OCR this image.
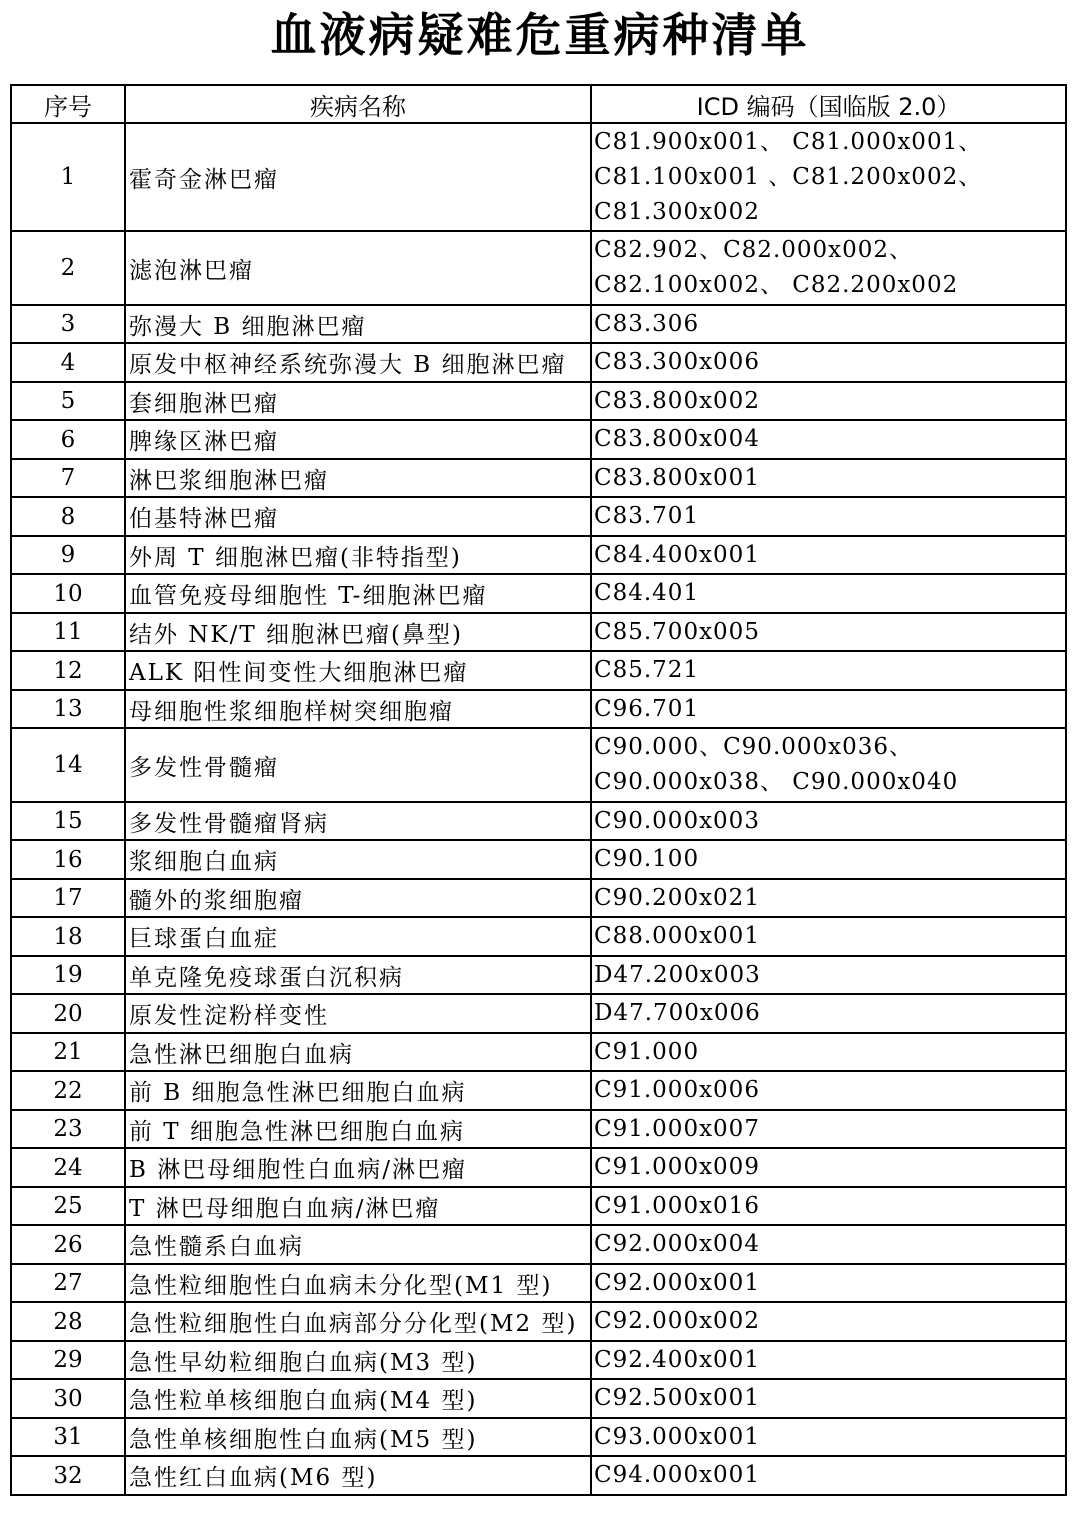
血液病疑难危重病种清单
序号	疾病名称	ICD 编码（国临版 2.0）
1	霍奇金淋巴瘤	C81.900x001、 C81.000x001、 C81.100x001 、C81.200x002、 C81.300x002
2	滤泡淋巴瘤	C82.902、C82.000x002、C82.100x002、 C82.200x002
3	弥漫大 B 细胞淋巴瘤	C83.306
4	原发中枢神经系统弥漫大 B 细胞淋巴瘤	C83.300x006
5	套细胞淋巴瘤	C83.800x002
6	脾缘区淋巴瘤	C83.800x004
7	淋巴浆细胞淋巴瘤	C83.800x001
8	伯基特淋巴瘤	C83.701
9	外周 T 细胞淋巴瘤(非特指型)	C84.400x001
10	血管免疫母细胞性 T-细胞淋巴瘤	C84.401
11	结外 NK/T 细胞淋巴瘤(鼻型)	C85.700x005
12	ALK 阳性间变性大细胞淋巴瘤	C85.721
13	母细胞性浆细胞样树突细胞瘤	C96.701
14	多发性骨髓瘤	C90.000、C90.000x036、C90.000x038、 C90.000x040
15	多发性骨髓瘤肾病	C90.000x003
16	浆细胞白血病	C90.100
17	髓外的浆细胞瘤	C90.200x021
18	巨球蛋白血症	C88.000x001
19	单克隆免疫球蛋白沉积病	D47.200x003
20	原发性淀粉样变性	D47.700x006
21	急性淋巴细胞白血病	C91.000
22	前 B 细胞急性淋巴细胞白血病	C91.000x006
23	前 T 细胞急性淋巴细胞白血病	C91.000x007
24	B 淋巴母细胞性白血病/淋巴瘤	C91.000x009
25	T 淋巴母细胞白血病/淋巴瘤	C91.000x016
26	急性髓系白血病	C92.000x004
27	急性粒细胞性白血病未分化型(M1 型)	C92.000x001
28	急性粒细胞性白血病部分分化型(M2 型)	C92.000x002
29	急性早幼粒细胞白血病(M3 型)	C92.400x001
30	急性粒单核细胞白血病(M4 型)	C92.500x001
31	急性单核细胞性白血病(M5 型)	C93.000x001
32	急性红白血病(M6 型)	C94.000x001
